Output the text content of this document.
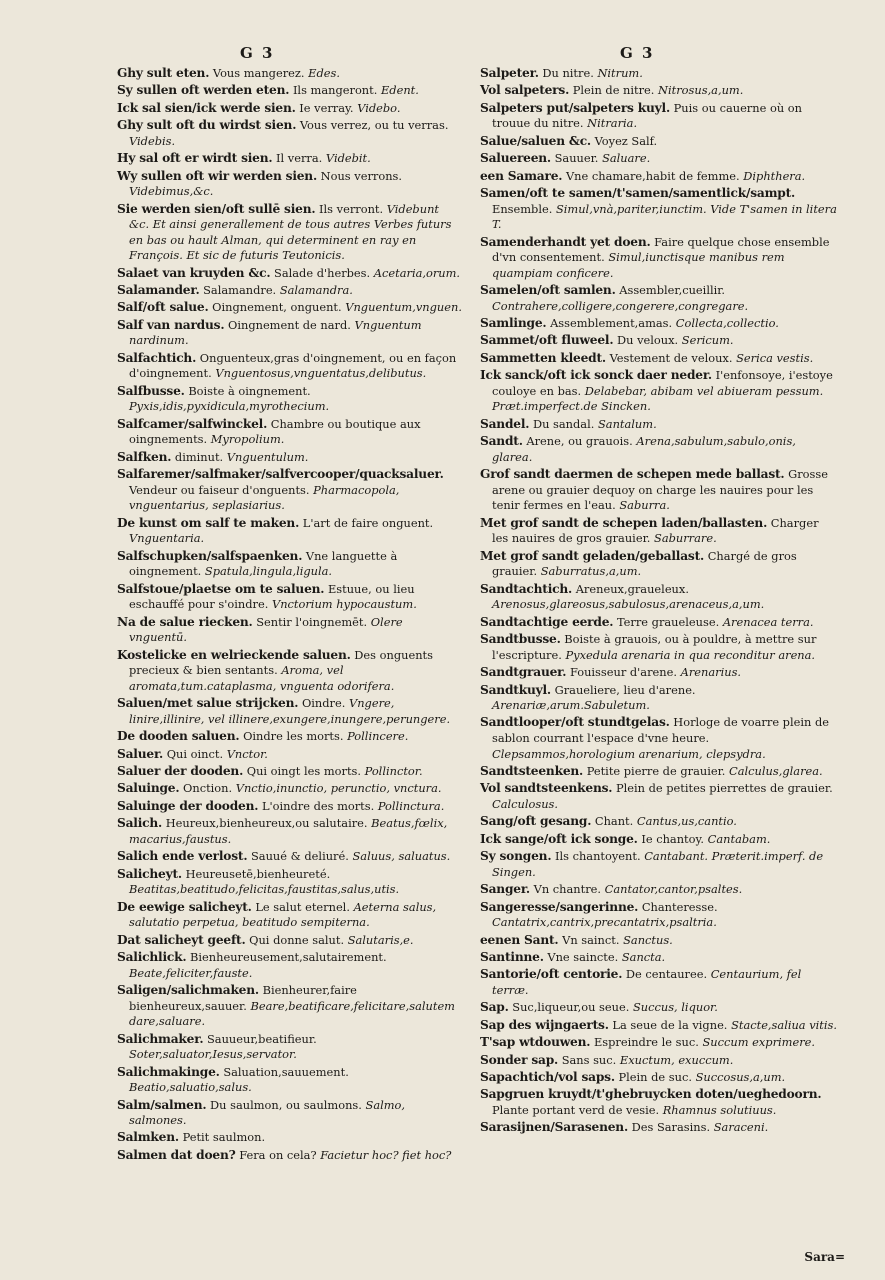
G 3	G 3

Ghy sult eten. Vous mangerez. Edes.

Sy sullen oft werden eten. Ils mangeront. Edent.

Ick sal sien/ick werde sien. Ie verray. Videbo.

Ghy sult oft du wirdst sien. Vous verrez, ou tu verras. Videbis.

Hy sal oft er wirdt sien. Il verra. Videbit.

Wy sullen oft wir werden sien. Nous verrons. Videbimus,&c.

Sie werden sien/oft sullē sien. Ils verront. Videbunt &c. Et ainsi generallement de tous autres Verbes futurs en bas ou hault Alman, qui determinent en ray en François. Et sic de futuris Teutonicis.

Salaet van kruyden &c. Salade d'herbes. Acetaria,orum.

Salamander. Salamandre. Salamandra.

Salf/oft salue. Oingnement, onguent. Vnguentum,vnguen.

Salf van nardus. Oingnement de nard. Vnguentum nardinum.

Salfachtich. Onguenteux,gras d'oingnement, ou en façon d'oingnement. Vnguentosus,vnguentatus,delibutus.

Salfbusse. Boiste à oingnement. Pyxis,idis,pyxidicula,myrothecium.

Salfcamer/salfwinckel. Chambre ou boutique aux oingnements. Myropolium.

Salfken. diminut. Vnguentulum.

Salfaremer/salfmaker/salfvercooper/quacksaluer. Vendeur ou faiseur d'onguents. Pharmacopola, vnguentarius, seplasiarius.

De kunst om salf te maken. L'art de faire onguent. Vnguentaria.

Salfschupken/salfspaenken. Vne languette à oingnement. Spatula,lingula,ligula.

Salfstoue/plaetse om te saluen. Estuue, ou lieu eschauffé pour s'oindre. Vnctorium hypocaustum.

Na de salue riecken. Sentir l'oingnemēt. Olere vnguentū.

Kostelicke en welrieckende saluen. Des onguents precieux & bien sentants. Aroma, vel aromata,tum.cataplasma, vnguenta odorifera.

Saluen/met salue strijcken. Oindre. Vngere, linire,illinire, vel illinere,exungere,inungere,perungere.

De dooden saluen. Oindre les morts. Pollincere.

Saluer. Qui oinct. Vnctor.

Saluer der dooden. Qui oingt les morts. Pollinctor.

Saluinge. Onction. Vnctio,inunctio, perunctio, vnctura.

Saluinge der dooden. L'oindre des morts. Pollinctura.

Salich. Heureux,bienheureux,ou salutaire. Beatus,fœlix, macarius,faustus.

Salich ende verlost. Sauué & deliuré. Saluus, saluatus.

Salicheyt. Heureusetē,bienheureté. Beatitas,beatitudo,felicitas,faustitas,salus,utis.

De eewige salicheyt. Le salut eternel. Aeterna salus, salutatio perpetua, beatitudo sempiterna.

Dat salicheyt geeft. Qui donne salut. Salutaris,e.

Salichlick. Bienheureusement,salutairement. Beate,feliciter,fauste.

Saligen/salichmaken. Bienheurer,faire bienheureux,sauuer. Beare,beatificare,felicitare,salutem dare,saluare.

Salichmaker. Sauueur,beatifieur. Soter,saluator,Iesus,servator.

Salichmakinge. Saluation,sauuement. Beatio,saluatio,salus.

Salm/salmen. Du saulmon, ou saulmons. Salmo, salmones.

Salmken. Petit saulmon.

Salmen dat doen? Fera on cela? Facietur hoc? fiet hoc?

Salpeter. Du nitre. Nitrum.

Vol salpeters. Plein de nitre. Nitrosus,a,um.

Salpeters put/salpeters kuyl. Puis ou cauerne où on trouue du nitre. Nitraria.

Salue/saluen &c. Voyez Salf.

Saluereen. Sauuer. Saluare.

een Samare. Vne chamare,habit de femme. Diphthera.

Samen/oft te samen/t'samen/samentlick/sampt. Ensemble. Simul,vnà,pariter,iunctim. Vide T'samen in litera T.

Samenderhandt yet doen. Faire quelque chose ensemble d'vn consentement. Simul,iunctisque manibus rem quampiam conficere.

Samelen/oft samlen. Assembler,cueillir. Contrahere,colligere,congerere,congregare.

Samlinge. Assemblement,amas. Collecta,collectio.

Sammet/oft fluweel. Du veloux. Sericum.

Sammetten kleedt. Vestement de veloux. Serica vestis.

Ick sanck/oft ick sonck daer neder. I'enfonsoye, i'estoye couloye en bas. Delabebar, abibam vel abiueram pessum. Præt.imperfect.de Sincken.

Sandel. Du sandal. Santalum.

Sandt. Arene, ou grauois. Arena,sabulum,sabulo,onis, glarea.

Grof sandt daermen de schepen mede ballast. Grosse arene ou grauier dequoy on charge les nauires pour les tenir fermes en l'eau. Saburra.

Met grof sandt de schepen laden/ballasten. Charger les nauires de gros grauier. Saburrare.

Met grof sandt geladen/geballast. Chargé de gros grauier. Saburratus,a,um.

Sandtachtich. Areneux,graueleux. Arenosus,glareosus,sabulosus,arenaceus,a,um.

Sandtachtige eerde. Terre graueleuse. Arenacea terra.

Sandtbusse. Boiste à grauois, ou à pouldre, à mettre sur l'escripture. Pyxedula arenaria in qua reconditur arena.

Sandtgrauer. Fouisseur d'arene. Arenarius.

Sandtkuyl. Graueliere, lieu d'arene. Arenariæ,arum.Sabuletum.

Sandtlooper/oft stundtgelas. Horloge de voarre plein de sablon courrant l'espace d'vne heure. Clepsammos,horologium arenarium, clepsydra.

Sandtsteenken. Petite pierre de grauier. Calculus,glarea.

Vol sandtsteenkens. Plein de petites pierrettes de grauier. Calculosus.

Sang/oft gesang. Chant. Cantus,us,cantio.

Ick sange/oft ick songe. Ie chantoy. Cantabam.

Sy songen. Ils chantoyent. Cantabant. Præterit.imperf. de Singen.

Sanger. Vn chantre. Cantator,cantor,psaltes.

Sangeresse/sangerinne. Chanteresse. Cantatrix,cantrix,precantatrix,psaltria.

eenen Sant. Vn sainct. Sanctus.

Santinne. Vne saincte. Sancta.

Santorie/oft centorie. De centauree. Centaurium, fel terræ.

Sap. Suc,liqueur,ou seue. Succus, liquor.

Sap des wijngaerts. La seue de la vigne. Stacte,saliua vitis.

T'sap wtdouwen. Espreindre le suc. Succum exprimere.

Sonder sap. Sans suc. Exuctum, exuccum.

Sapachtich/vol saps. Plein de suc. Succosus,a,um.

Sapgruen kruydt/t'ghebruycken doten/ueghedoorn. Plante portant verd de vesie. Rhamnus solutiuus.

Sarasijnen/Sarasenen. Des Sarasins. Saraceni.

Sara=
